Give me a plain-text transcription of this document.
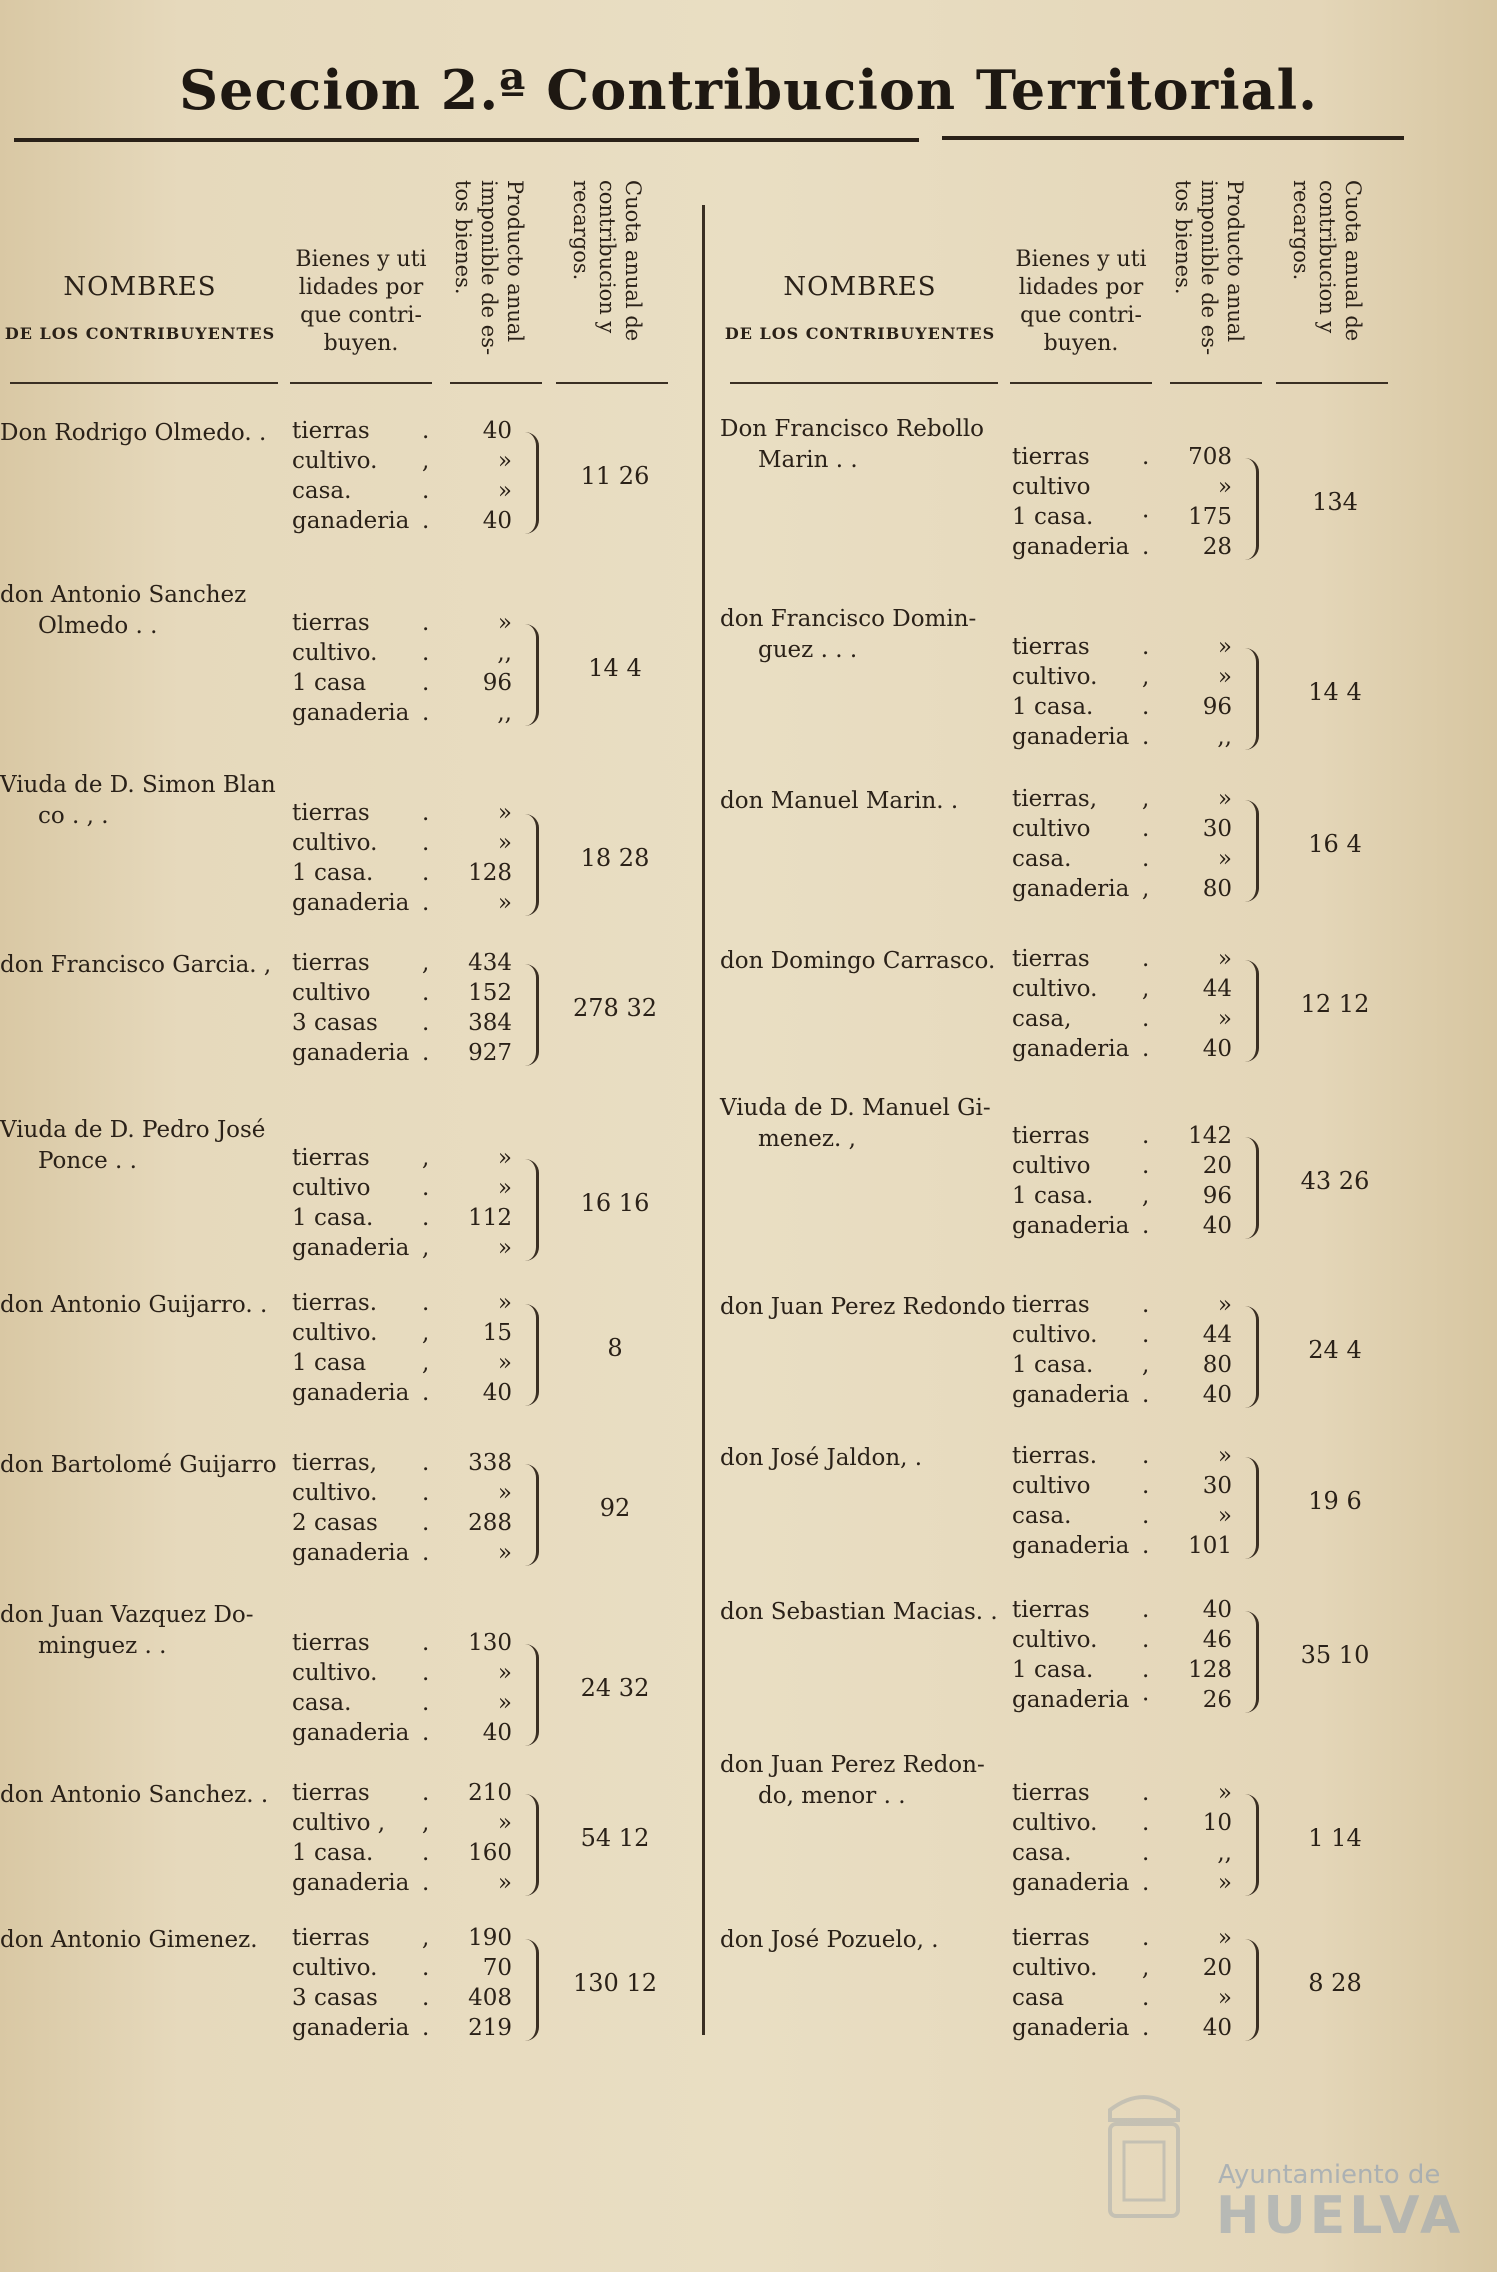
Seccion 2.ª Contribucion Territorial.
NOMBRES
DE LOS CONTRIBUYENTES
Bienes y uti
lidades por
que contri-
buyen.
Producto anual
imponible de es-
tos bienes.	Cuota anual de
contribucion y
recargos.
Don Rodrigo Olmedo. .	tierras .	40
cultivo. ,	»
casa.	.	»
ganaderia .	40
11 26
don Antonio Sanchez
Olmedo . .	tierras .	»
cultivo. .	,,
1 casa .	96
ganaderia .	,,
14 4
Viuda de D. Simon Blan
co . , .	tierras .	»
cultivo. .	»
1 casa. .	128
ganaderia .	»
18 28
don Francisco Garcia. , tierras ,	434
cultivo .	152
3 casas .	384
ganaderia .	927
278 32
Viuda de D. Pedro José
Ponce . .	tierras ,	»
cultivo .	»
1 casa. .	112
ganaderia ,	»
16 16
don Antonio Guijarro. .	tierras. .	»
cultivo. ,	15
1 casa ,	»
ganaderia .	40
8
don Bartolomé Guijarro tierras, .	338
cultivo. .	»
2 casas .	288
ganaderia .	»
92
don Juan Vazquez Do-
minguez . .	tierras .	130
cultivo. .	»
casa.	.	»
ganaderia .	40
24 32
don Antonio Sanchez. .	tierras .	210
cultivo , ,	»
1 casa. .	160
ganaderia .	»
54 12
don Antonio Gimenez.	tierras ,	190
cultivo. .	70
3 casas .	408
ganaderia .	219
130 12
NOMBRES
DE LOS CONTRIBUYENTES
Bienes y uti
lidades por
que contri-
buyen.
Producto anual
imponible de es-
tos bienes.	Cuota anual de
contribucion y
recargos.
Don Francisco Rebollo
Marin . .	tierras .	708
cultivo	»
1 casa. ·	175
ganaderia .	28
134
don Francisco Domin-
guez . . .	tierras .	»
cultivo. ,	»
1 casa. .	96
ganaderia .	,,
14 4
don Manuel Marin. .	tierras, ,	»
cultivo .	30
casa.	.	»
ganaderia ,	80
16 4
don Domingo Carrasco. tierras .	»
cultivo. ,	44
casa,	.	»
ganaderia .	40
12 12
Viuda de D. Manuel Gi-
menez. ,	tierras .	142
cultivo .	20
1 casa. ,	96
ganaderia .	40
43 26
don Juan Perez Redondo tierras .	»
cultivo. .	44
1 casa. ,	80
ganaderia .	40
24 4
don José Jaldon, .	tierras. .	»
cultivo .	30
casa.	.	»
ganaderia .	101
19 6
don Sebastian Macias. . tierras .	40
cultivo. .	46
1 casa. .	128
ganaderia ·	26
35 10
don Juan Perez Redon-
do, menor . .	tierras .	»
cultivo. .	10
casa.	.	,,
ganaderia .	»
1 14
don José Pozuelo, .	tierras .	»
cultivo. ,	20
casa	.	»
ganaderia .	40
8 28
Ayuntamiento de
HUELVA
